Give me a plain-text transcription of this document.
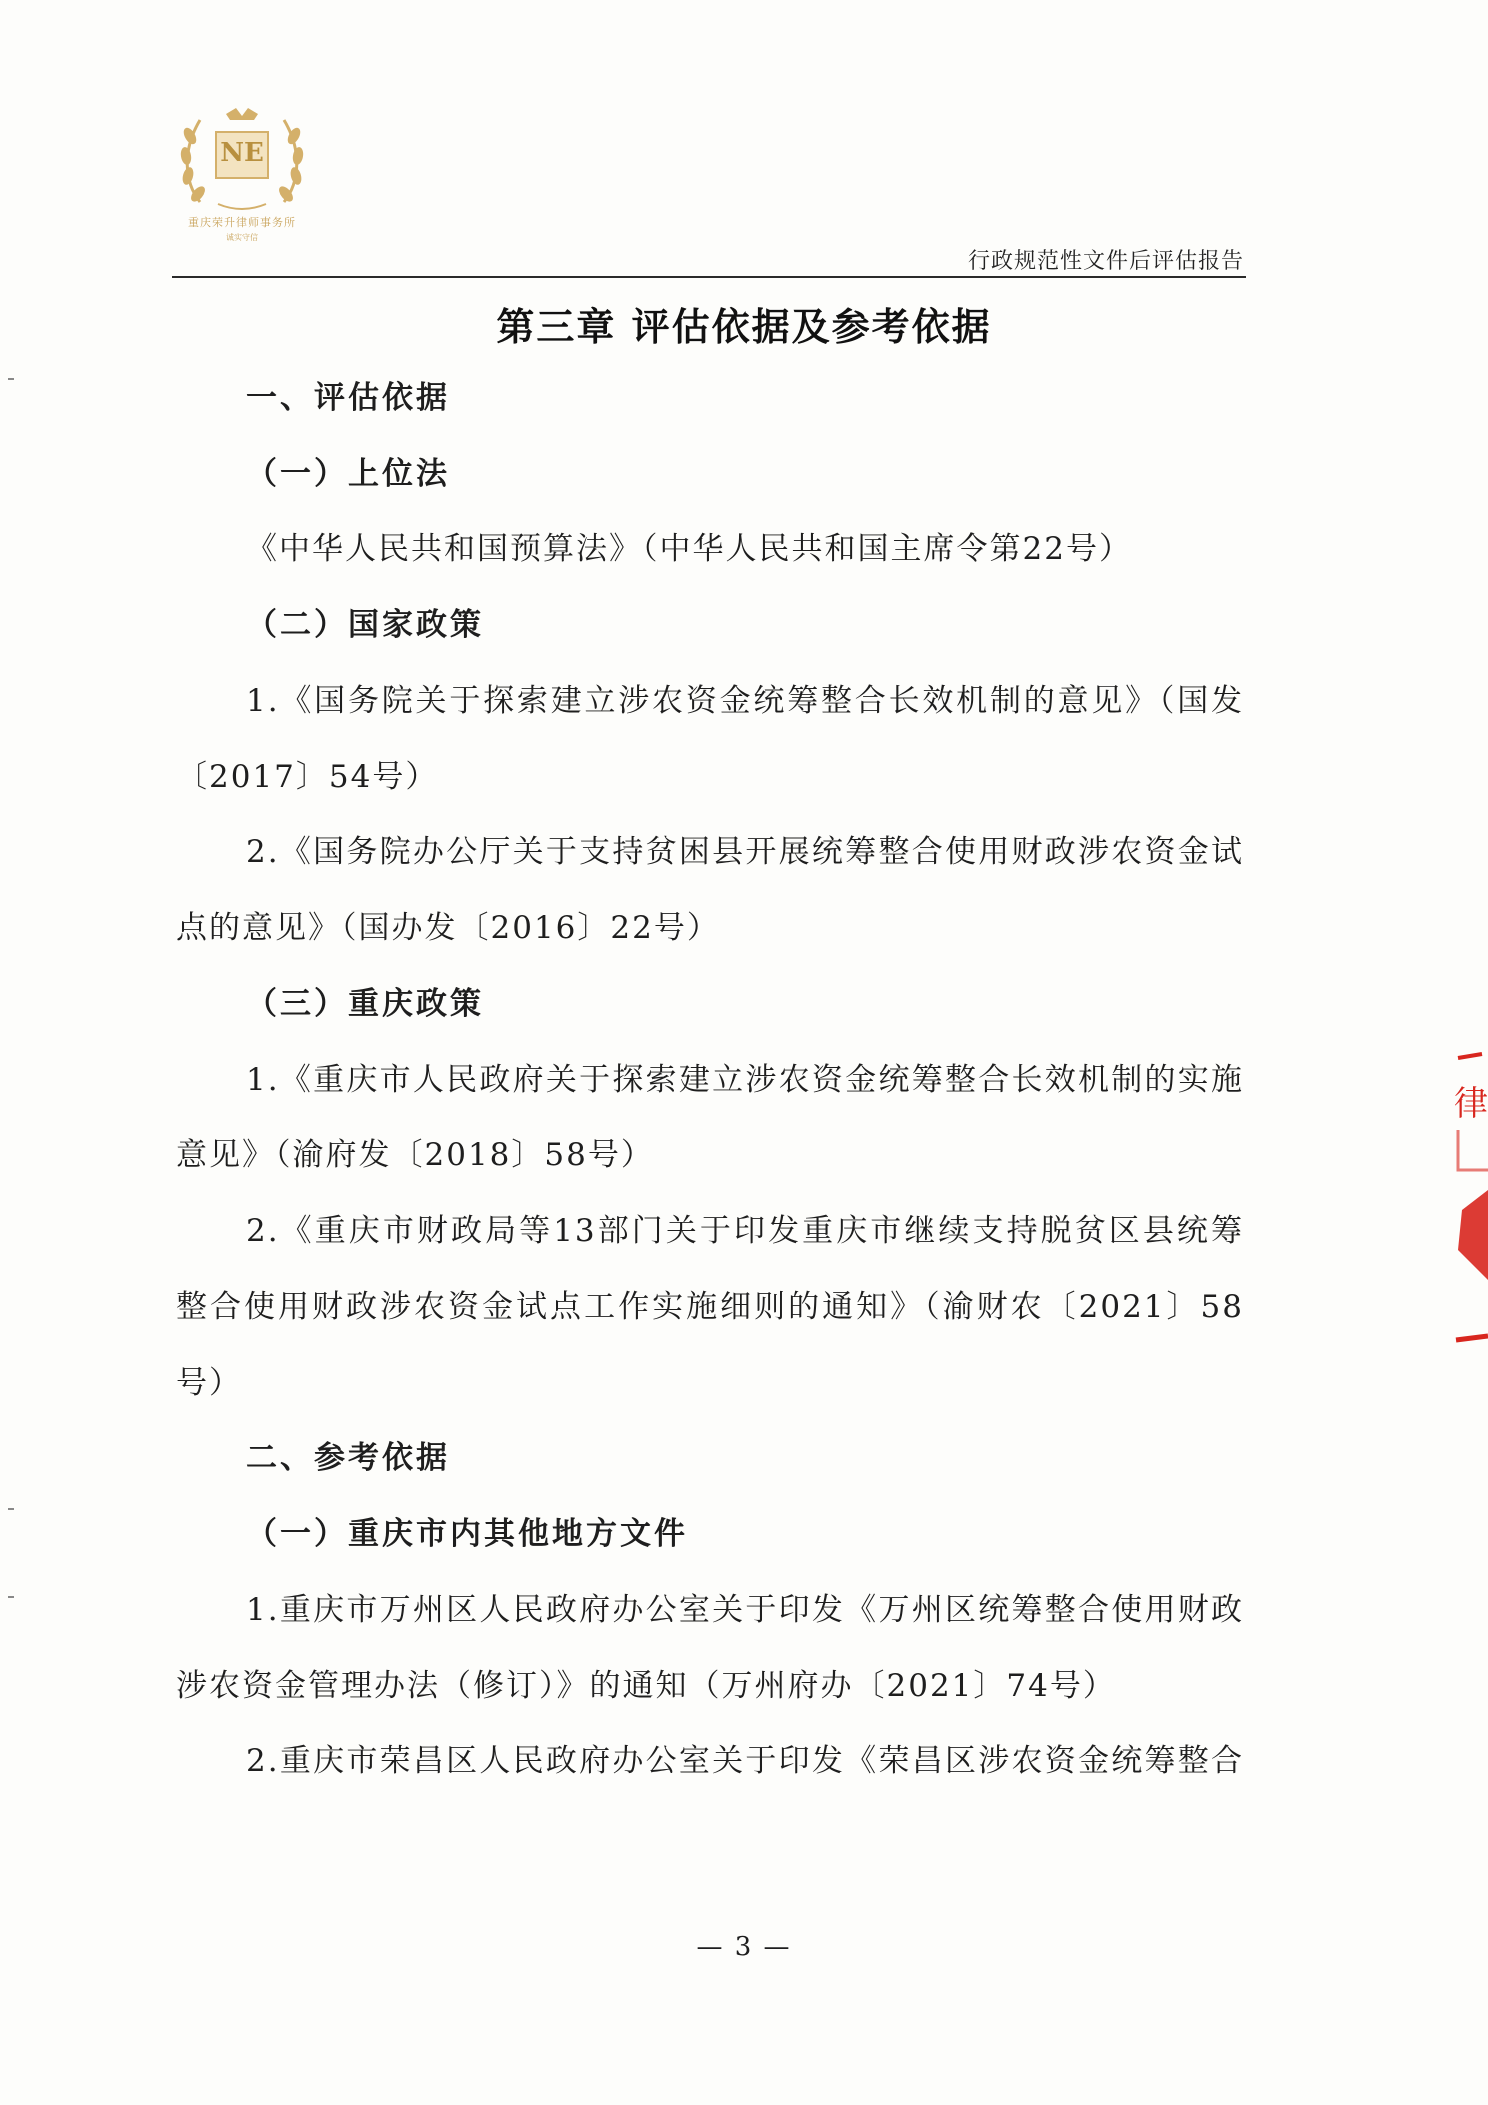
NE
重庆荣升律师事务所
诚实守信
行政规范性文件后评估报告
第三章 评估依据及参考依据
一、评估依据
（一）上位法
《中华人民共和国预算法》（中华人民共和国主席令第22号）
（二）国家政策
1.《国务院关于探索建立涉农资金统筹整合长效机制的意见》（国发
〔2017〕54号）
2.《国务院办公厅关于支持贫困县开展统筹整合使用财政涉农资金试
点的意见》（国办发〔2016〕22号）
（三）重庆政策
1.《重庆市人民政府关于探索建立涉农资金统筹整合长效机制的实施
意见》（渝府发〔2018〕58号）
2.《重庆市财政局等13部门关于印发重庆市继续支持脱贫区县统筹
整合使用财政涉农资金试点工作实施细则的通知》（渝财农〔2021〕58
号）
二、参考依据
（一）重庆市内其他地方文件
1.重庆市万州区人民政府办公室关于印发《万州区统筹整合使用财政
涉农资金管理办法（修订）》的通知（万州府办〔2021〕74号）
2.重庆市荣昌区人民政府办公室关于印发《荣昌区涉农资金统筹整合
— 3 —
律
